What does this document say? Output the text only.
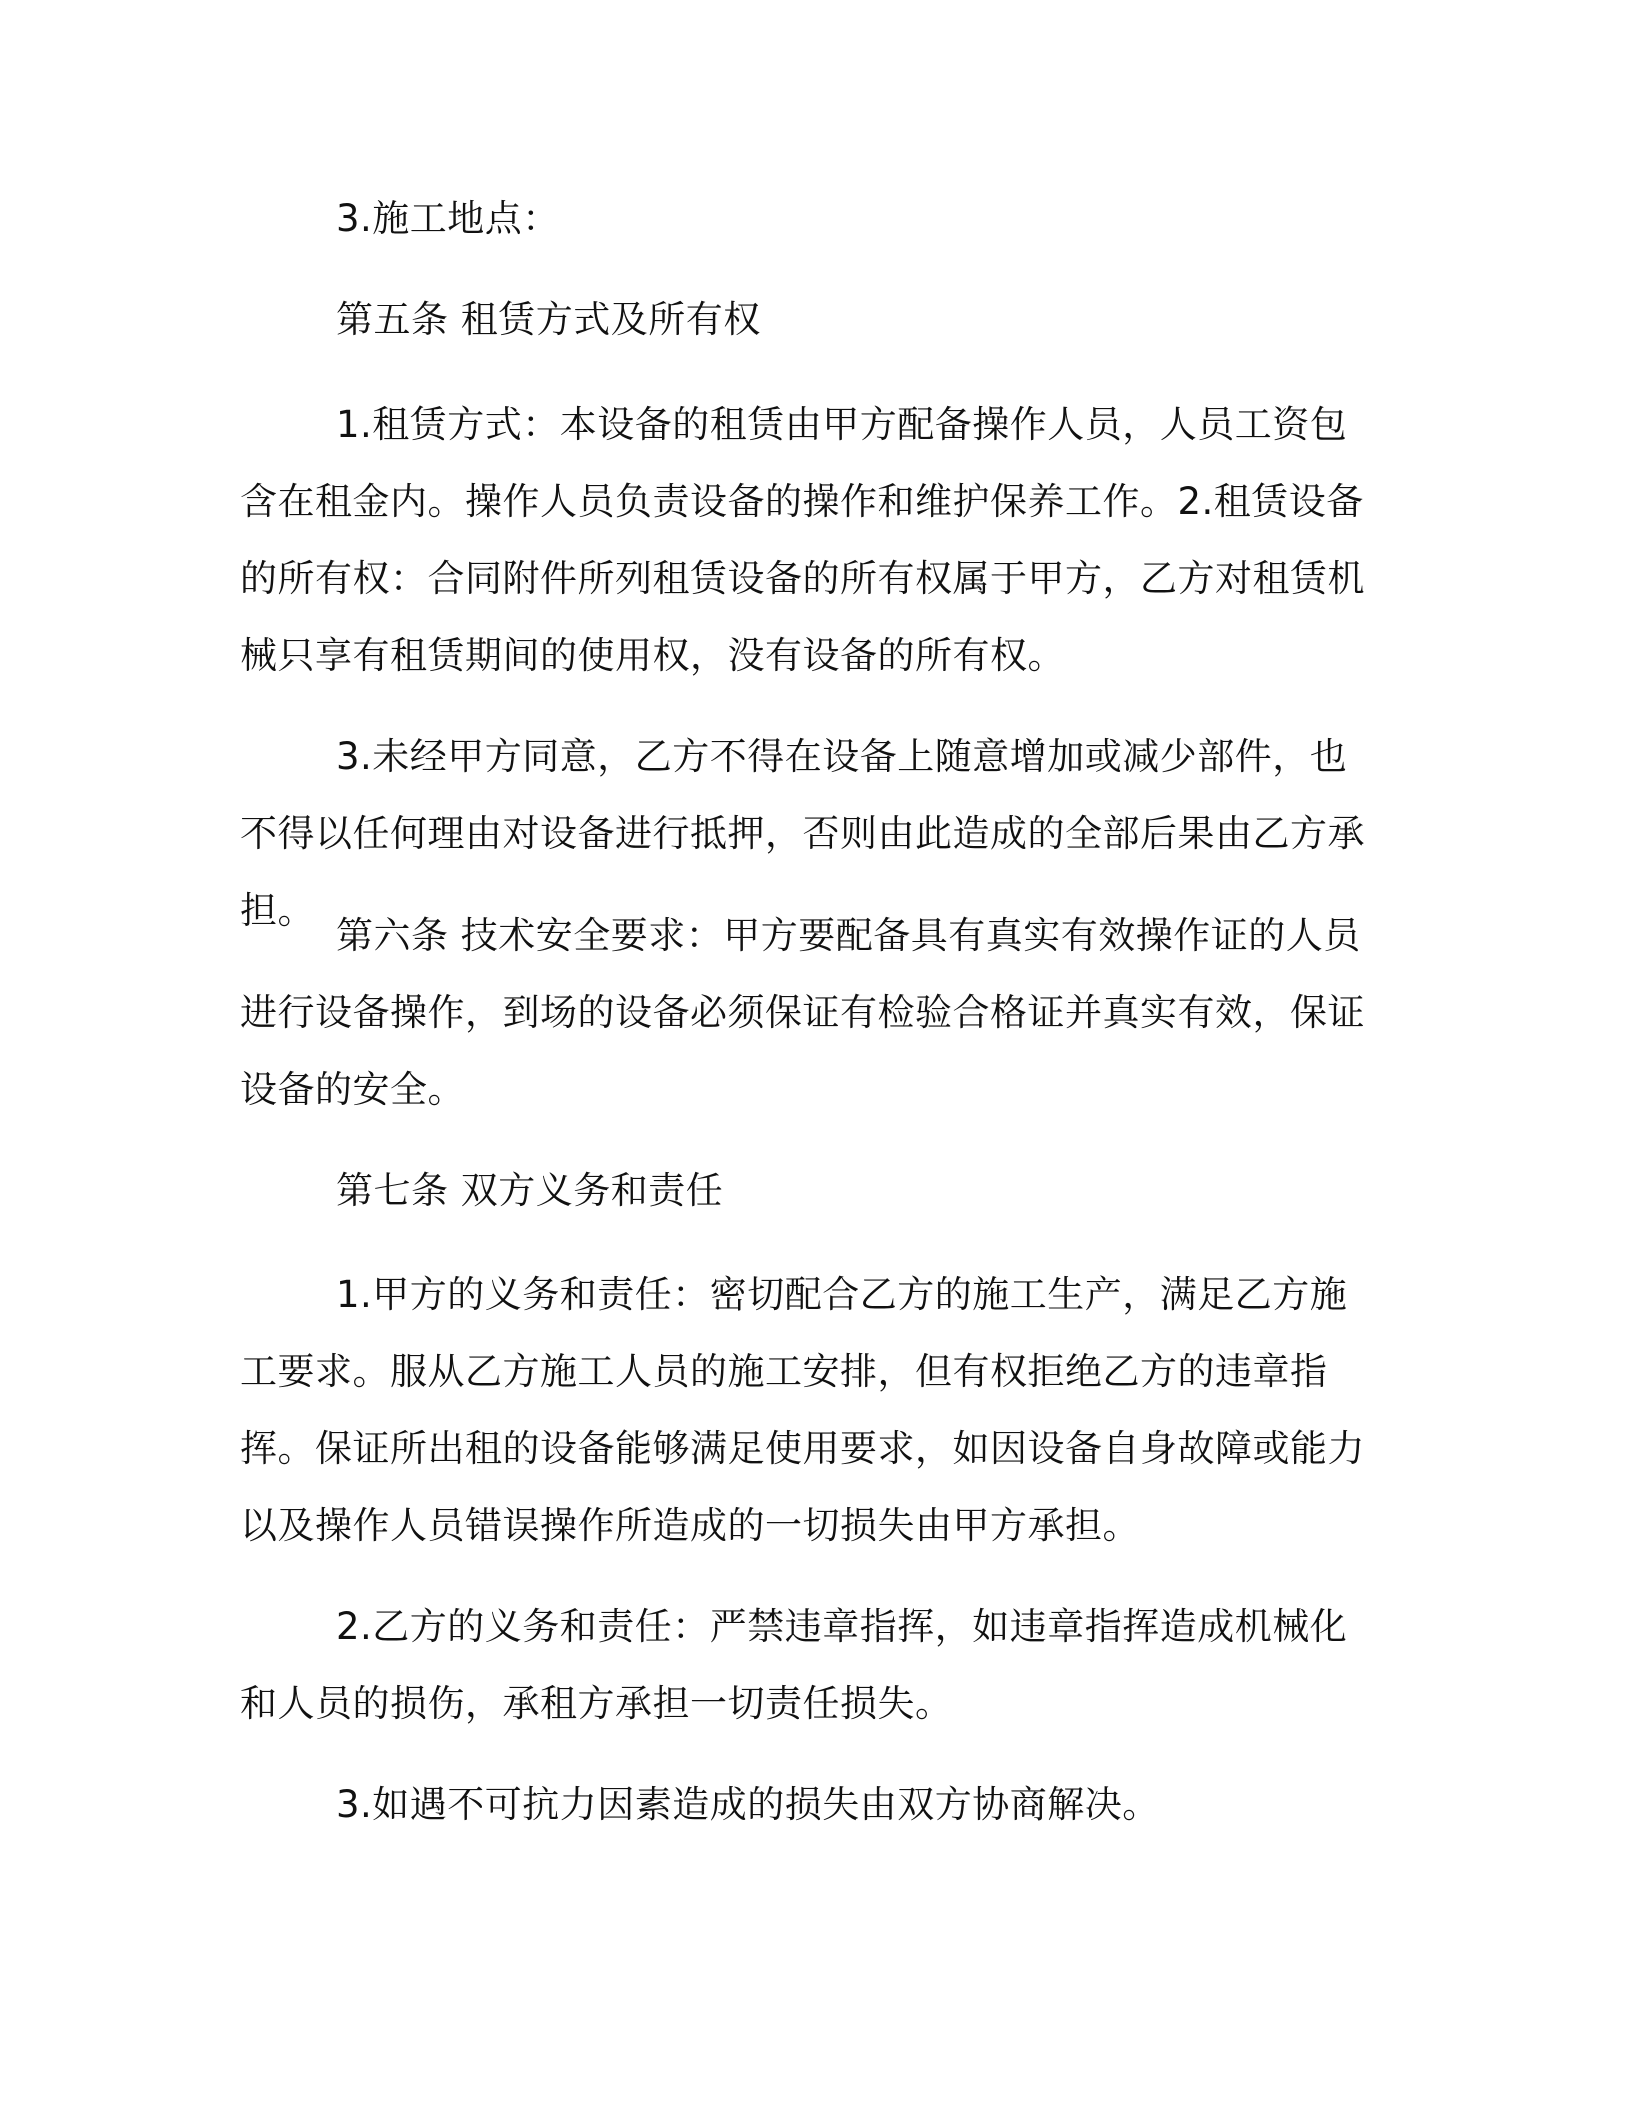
3.施工地点：

第五条 租赁方式及所有权

1.租赁方式：本设备的租赁由甲方配备操作人员，人员工资包含在租金内。操作人员负责设备的操作和维护保养工作。2.租赁设备的所有权：合同附件所列租赁设备的所有权属于甲方，乙方对租赁机械只享有租赁期间的使用权，没有设备的所有权。

3.未经甲方同意，乙方不得在设备上随意增加或减少部件，也不得以任何理由对设备进行抵押，否则由此造成的全部后果由乙方承担。

第六条 技术安全要求：甲方要配备具有真实有效操作证的人员进行设备操作，到场的设备必须保证有检验合格证并真实有效，保证设备的安全。

第七条 双方义务和责任

1.甲方的义务和责任：密切配合乙方的施工生产，满足乙方施工要求。服从乙方施工人员的施工安排，但有权拒绝乙方的违章指挥。保证所出租的设备能够满足使用要求，如因设备自身故障或能力以及操作人员错误操作所造成的一切损失由甲方承担。

2.乙方的义务和责任：严禁违章指挥，如违章指挥造成机械化和人员的损伤，承租方承担一切责任损失。

3.如遇不可抗力因素造成的损失由双方协商解决。
